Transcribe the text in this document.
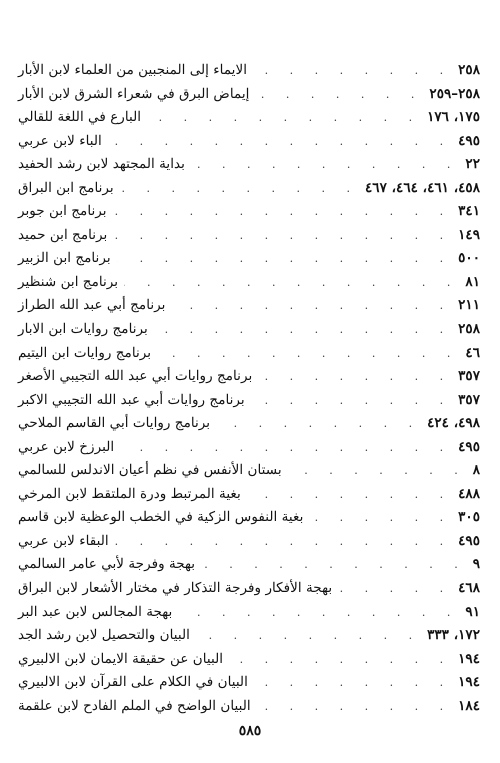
الايماء إلى المنجبين من العلماء لابن الأبار . . .	٢٥٨
إيماض البرق في شعراء الشرق لابن الأبار . . .	٢٥٨–٢٥٩
البارع في اللغة للقالي . . .	١٧٥، ١٧٦
الباء لابن عربي . . .	٤٩٥
بداية المجتهد لابن رشد الحفيد . . .	٢٢
برنامج ابن البراق . . .	٤٥٨، ٤٦١، ٤٦٤، ٤٦٧
برنامج ابن جوبر . . .	٣٤١
برنامج ابن حميد . . .	١٤٩
برنامج ابن الزبير . . .	٥٠٠
برنامج ابن شنظير . . .	٨١
برنامج أبي عبد الله الطراز . . .	٢١١
برنامج روايات ابن الابار . . .	٢٥٨
برنامج روايات ابن اليتيم . . .	٤٦
برنامج روايات أبي عبد الله التجيبي الأصغر . . .	٣٥٧
برنامج روايات أبي عبد الله التجيبي الاكبر . . .	٣٥٧
برنامج روايات أبي القاسم الملاحي . . .	٤٩٨، ٤٢٤
البرزخ لابن عربي . . .	٤٩٥
بستان الأنفس في نظم أعيان الاندلس للسالمي . . .	٨
بغية المرتبط ودرة الملتقط لابن المرخي . . .	٤٨٨
بغية النفوس الزكية في الخطب الوعظية لابن قاسم . . .	٣٠٥
البقاء لابن عربي . . .	٤٩٥
بهجة وفرجة لأبي عامر السالمي . . .	٩
بهجة الأفكار وفرجة التذكار في مختار الأشعار لابن البراق . . .	٤٦٨
بهجة المجالس لابن عبد البر . . .	٩١
البيان والتحصيل لابن رشد الجد . . .	١٧٢، ٣٣٣
البيان عن حقيقة الايمان لابن الالبيري . . .	١٩٤
البيان في الكلام على القرآن لابن الالبيري . . .	١٩٤
البيان الواضح في الملم الفادح لابن علقمة . . .	١٨٤
٥٨٥
